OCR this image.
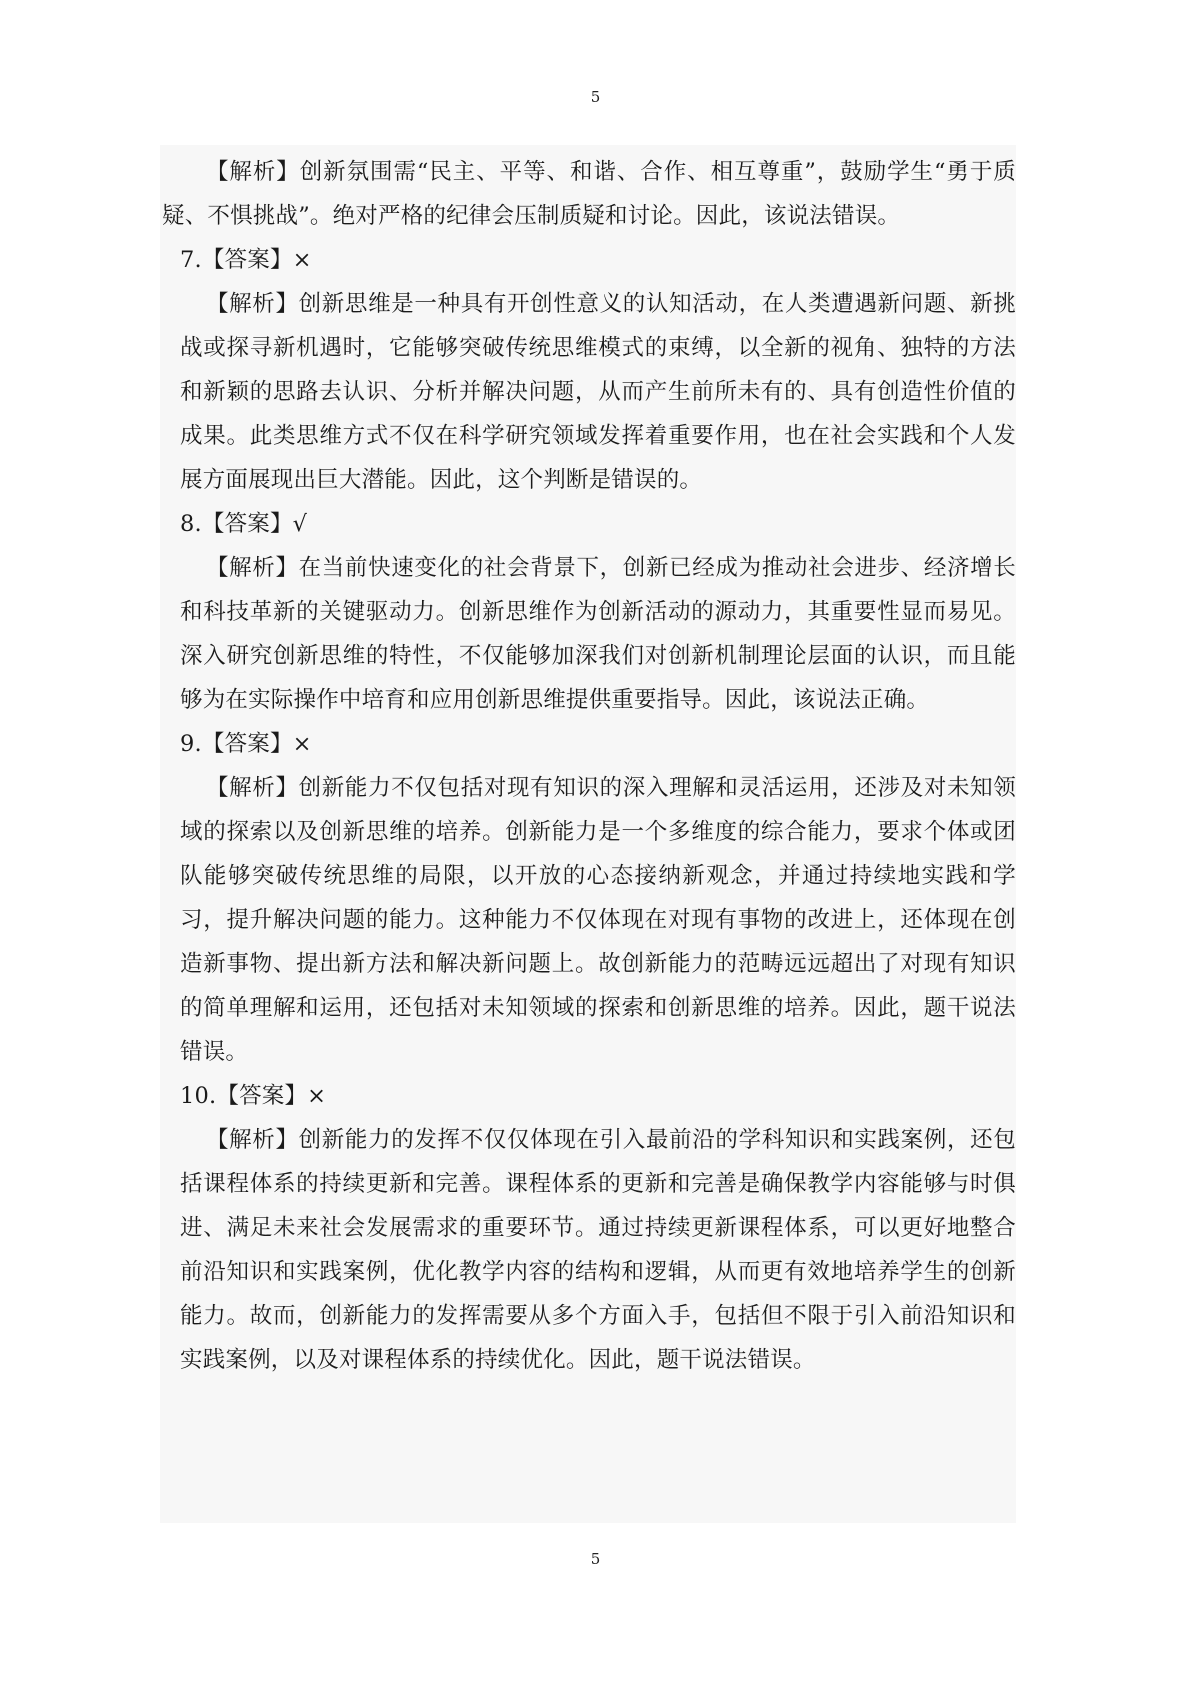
5

【解析】创新氛围需“民主、平等、和谐、合作、相互尊重”，鼓励学生“勇于质疑、不惧挑战”。绝对严格的纪律会压制质疑和讨论。因此，该说法错误。

7.【答案】×

【解析】创新思维是一种具有开创性意义的认知活动，在人类遭遇新问题、新挑战或探寻新机遇时，它能够突破传统思维模式的束缚，以全新的视角、独特的方法和新颖的思路去认识、分析并解决问题，从而产生前所未有的、具有创造性价值的成果。此类思维方式不仅在科学研究领域发挥着重要作用，也在社会实践和个人发展方面展现出巨大潜能。因此，这个判断是错误的。

8.【答案】√

【解析】在当前快速变化的社会背景下，创新已经成为推动社会进步、经济增长和科技革新的关键驱动力。创新思维作为创新活动的源动力，其重要性显而易见。深入研究创新思维的特性，不仅能够加深我们对创新机制理论层面的认识，而且能够为在实际操作中培育和应用创新思维提供重要指导。因此，该说法正确。

9.【答案】×

【解析】创新能力不仅包括对现有知识的深入理解和灵活运用，还涉及对未知领域的探索以及创新思维的培养。创新能力是一个多维度的综合能力，要求个体或团队能够突破传统思维的局限，以开放的心态接纳新观念，并通过持续地实践和学习，提升解决问题的能力。这种能力不仅体现在对现有事物的改进上，还体现在创造新事物、提出新方法和解决新问题上。故创新能力的范畴远远超出了对现有知识的简单理解和运用，还包括对未知领域的探索和创新思维的培养。因此，题干说法错误。

10.【答案】×

【解析】创新能力的发挥不仅仅体现在引入最前沿的学科知识和实践案例，还包括课程体系的持续更新和完善。课程体系的更新和完善是确保教学内容能够与时俱进、满足未来社会发展需求的重要环节。通过持续更新课程体系，可以更好地整合前沿知识和实践案例，优化教学内容的结构和逻辑，从而更有效地培养学生的创新能力。故而，创新能力的发挥需要从多个方面入手，包括但不限于引入前沿知识和实践案例，以及对课程体系的持续优化。因此，题干说法错误。

5
